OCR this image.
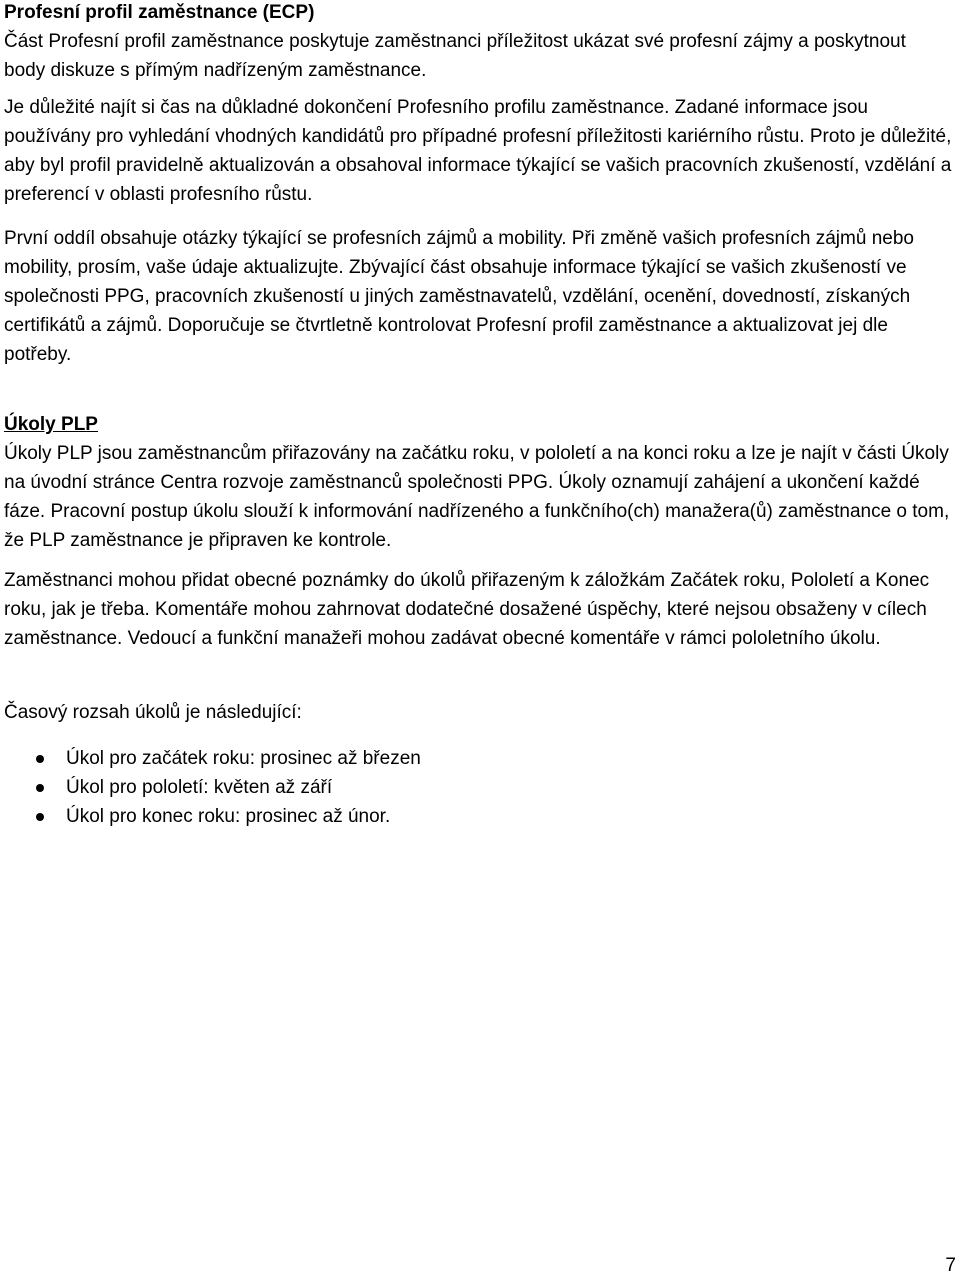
Profesní profil zaměstnance (ECP)

Část Profesní profil zaměstnance poskytuje zaměstnanci příležitost ukázat své profesní zájmy a poskytnout body diskuze s přímým nadřízeným zaměstnance.

Je důležité najít si čas na důkladné dokončení Profesního profilu zaměstnance. Zadané informace jsou používány pro vyhledání vhodných kandidátů pro případné profesní příležitosti kariérního růstu. Proto je důležité, aby byl profil pravidelně aktualizován a obsahoval informace týkající se vašich pracovních zkušeností, vzdělání a preferencí v oblasti profesního růstu.

První oddíl obsahuje otázky týkající se profesních zájmů a mobility. Při změně vašich profesních zájmů nebo mobility, prosím, vaše údaje aktualizujte. Zbývající část obsahuje informace týkající se vašich zkušeností ve společnosti PPG, pracovních zkušeností u jiných zaměstnavatelů, vzdělání, ocenění, dovedností, získaných certifikátů a zájmů. Doporučuje se čtvrtletně kontrolovat Profesní profil zaměstnance a aktualizovat jej dle potřeby.

Úkoly PLP

Úkoly PLP jsou zaměstnancům přiřazovány na začátku roku, v pololetí a na konci roku a lze je najít v části Úkoly na úvodní stránce Centra rozvoje zaměstnanců společnosti PPG. Úkoly oznamují zahájení a ukončení každé fáze. Pracovní postup úkolu slouží k informování nadřízeného a funkčního(ch) manažera(ů) zaměstnance o tom, že PLP zaměstnance je připraven ke kontrole.

Zaměstnanci mohou přidat obecné poznámky do úkolů přiřazeným k záložkám Začátek roku, Pololetí a Konec roku, jak je třeba. Komentáře mohou zahrnovat dodatečné dosažené úspěchy, které nejsou obsaženy v cílech zaměstnance. Vedoucí a funkční manažeři mohou zadávat obecné komentáře v rámci pololetního úkolu.

Časový rozsah úkolů je následující:

Úkol pro začátek roku: prosinec až březen
Úkol pro pololetí: květen až září
Úkol pro konec roku: prosinec až únor.
7
